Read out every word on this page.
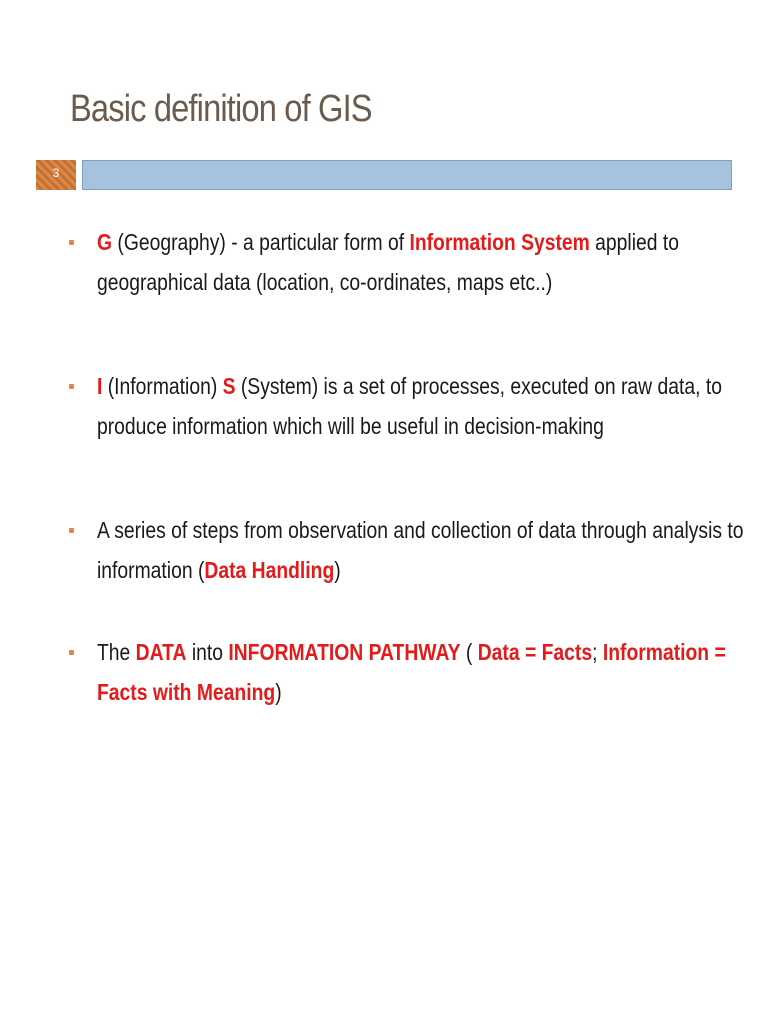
Basic definition of GIS
3
G (Geography) - a particular form of Information System applied to geographical data (location, co-ordinates, maps etc..)
I (Information) S (System) is a set of processes, executed on raw data, to produce information which will be useful in decision-making
A series of steps from observation and collection of data through analysis to information (Data Handling)
The DATA into INFORMATION PATHWAY ( Data = Facts; Information = Facts with Meaning)
